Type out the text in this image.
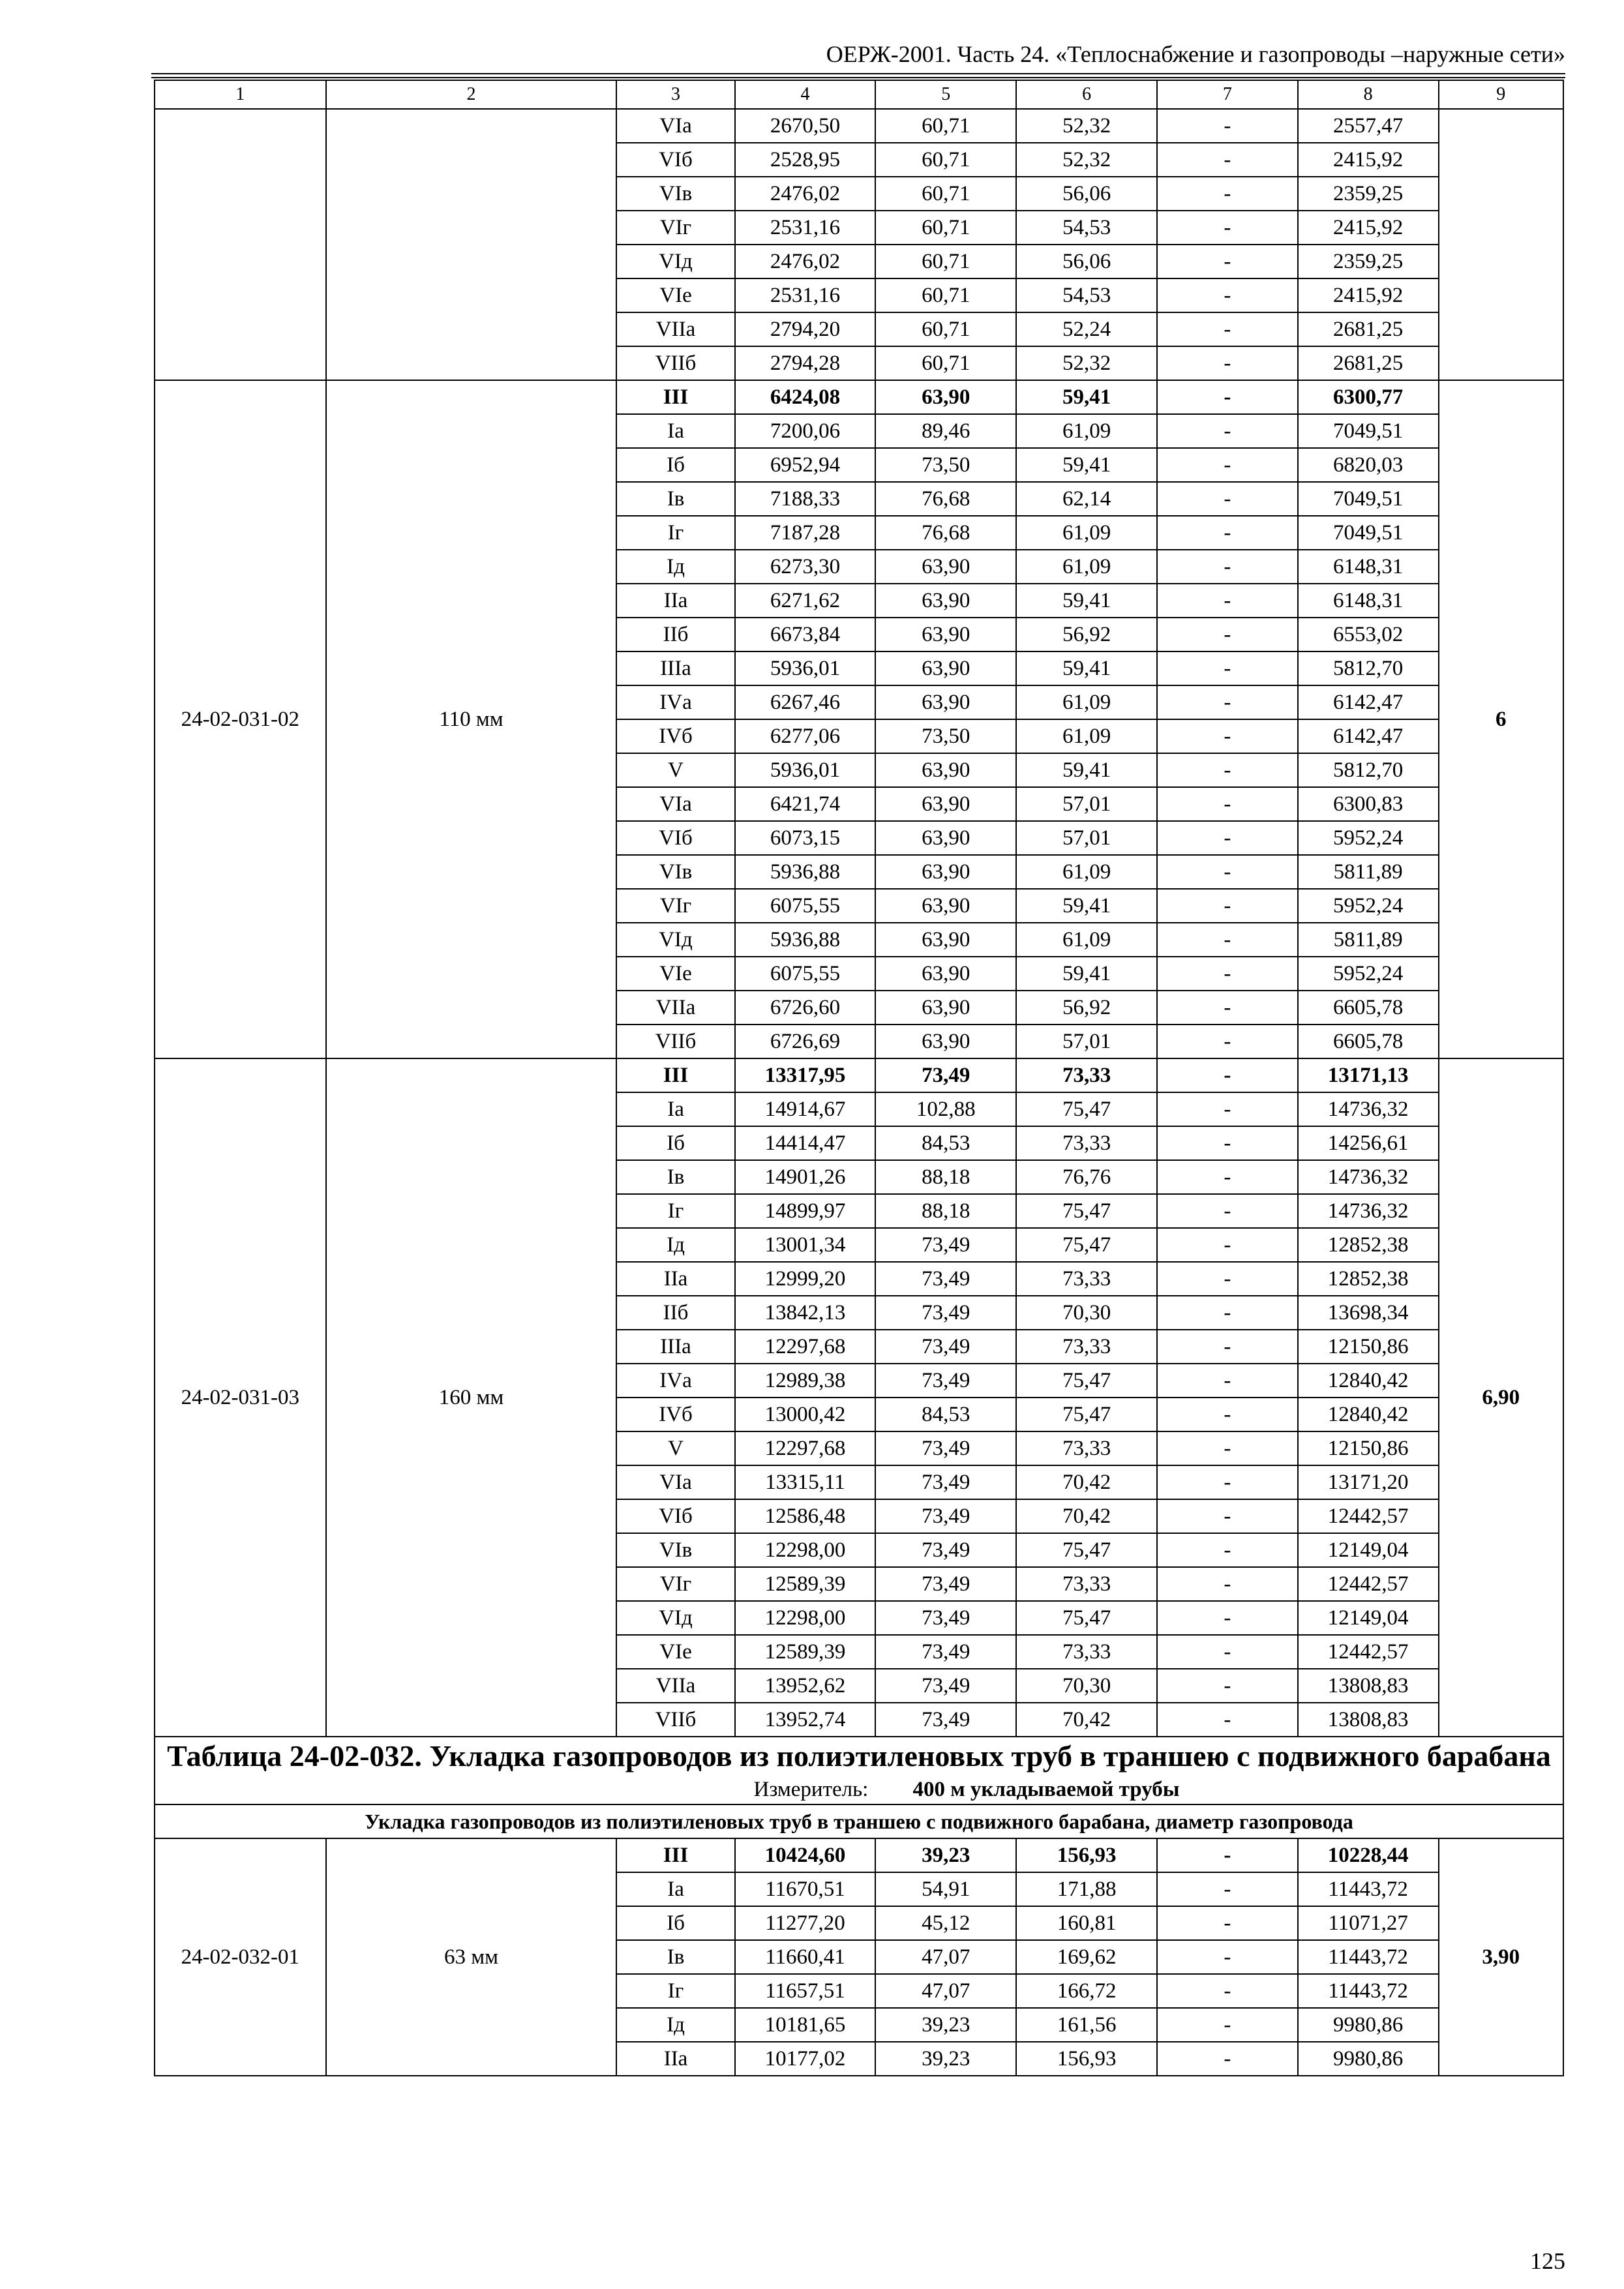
ОЕРЖ-2001. Часть 24. «Теплоснабжение и газопроводы –наружные сети»
1	2	3	4	5	6	7	8	9
		VIа	2670,50	60,71	52,32	-	2557,47	
		VIб	2528,95	60,71	52,32	-	2415,92	
		VIв	2476,02	60,71	56,06	-	2359,25	
		VIг	2531,16	60,71	54,53	-	2415,92	
		VIд	2476,02	60,71	56,06	-	2359,25	
		VIе	2531,16	60,71	54,53	-	2415,92	
		VIIа	2794,20	60,71	52,24	-	2681,25	
		VIIб	2794,28	60,71	52,32	-	2681,25	
24-02-031-02	110 мм	III	6424,08	63,90	59,41	-	6300,77	6
		Iа	7200,06	89,46	61,09	-	7049,51	
		Iб	6952,94	73,50	59,41	-	6820,03	
		Iв	7188,33	76,68	62,14	-	7049,51	
		Iг	7187,28	76,68	61,09	-	7049,51	
		Iд	6273,30	63,90	61,09	-	6148,31	
		IIа	6271,62	63,90	59,41	-	6148,31	
		IIб	6673,84	63,90	56,92	-	6553,02	
		IIIа	5936,01	63,90	59,41	-	5812,70	
		IVа	6267,46	63,90	61,09	-	6142,47	
		IVб	6277,06	73,50	61,09	-	6142,47	
		V	5936,01	63,90	59,41	-	5812,70	
		VIа	6421,74	63,90	57,01	-	6300,83	
		VIб	6073,15	63,90	57,01	-	5952,24	
		VIв	5936,88	63,90	61,09	-	5811,89	
		VIг	6075,55	63,90	59,41	-	5952,24	
		VIд	5936,88	63,90	61,09	-	5811,89	
		VIе	6075,55	63,90	59,41	-	5952,24	
		VIIа	6726,60	63,90	56,92	-	6605,78	
		VIIб	6726,69	63,90	57,01	-	6605,78	
24-02-031-03	160 мм	III	13317,95	73,49	73,33	-	13171,13	6,90
		Iа	14914,67	102,88	75,47	-	14736,32	
		Iб	14414,47	84,53	73,33	-	14256,61	
		Iв	14901,26	88,18	76,76	-	14736,32	
		Iг	14899,97	88,18	75,47	-	14736,32	
		Iд	13001,34	73,49	75,47	-	12852,38	
		IIа	12999,20	73,49	73,33	-	12852,38	
		IIб	13842,13	73,49	70,30	-	13698,34	
		IIIа	12297,68	73,49	73,33	-	12150,86	
		IVа	12989,38	73,49	75,47	-	12840,42	
		IVб	13000,42	84,53	75,47	-	12840,42	
		V	12297,68	73,49	73,33	-	12150,86	
		VIа	13315,11	73,49	70,42	-	13171,20	
		VIб	12586,48	73,49	70,42	-	12442,57	
		VIв	12298,00	73,49	75,47	-	12149,04	
		VIг	12589,39	73,49	73,33	-	12442,57	
		VIд	12298,00	73,49	75,47	-	12149,04	
		VIе	12589,39	73,49	73,33	-	12442,57	
		VIIа	13952,62	73,49	70,30	-	13808,83	
		VIIб	13952,74	73,49	70,42	-	13808,83	

Таблица 24-02-032. Укладка газопроводов из полиэтиленовых труб в траншею с подвижного барабана
Измеритель: 400 м укладываемой трубы								

Укладка газопроводов из полиэтиленовых труб в траншею с подвижного барабана, диаметр газопровода								
24-02-032-01	63 мм	III	10424,60	39,23	156,93	-	10228,44	3,90
		Iа	11670,51	54,91	171,88	-	11443,72	
		Iб	11277,20	45,12	160,81	-	11071,27	
		Iв	11660,41	47,07	169,62	-	11443,72	
		Iг	11657,51	47,07	166,72	-	11443,72	
		Iд	10181,65	39,23	161,56	-	9980,86	
		IIа	10177,02	39,23	156,93	-	9980,86	
125
